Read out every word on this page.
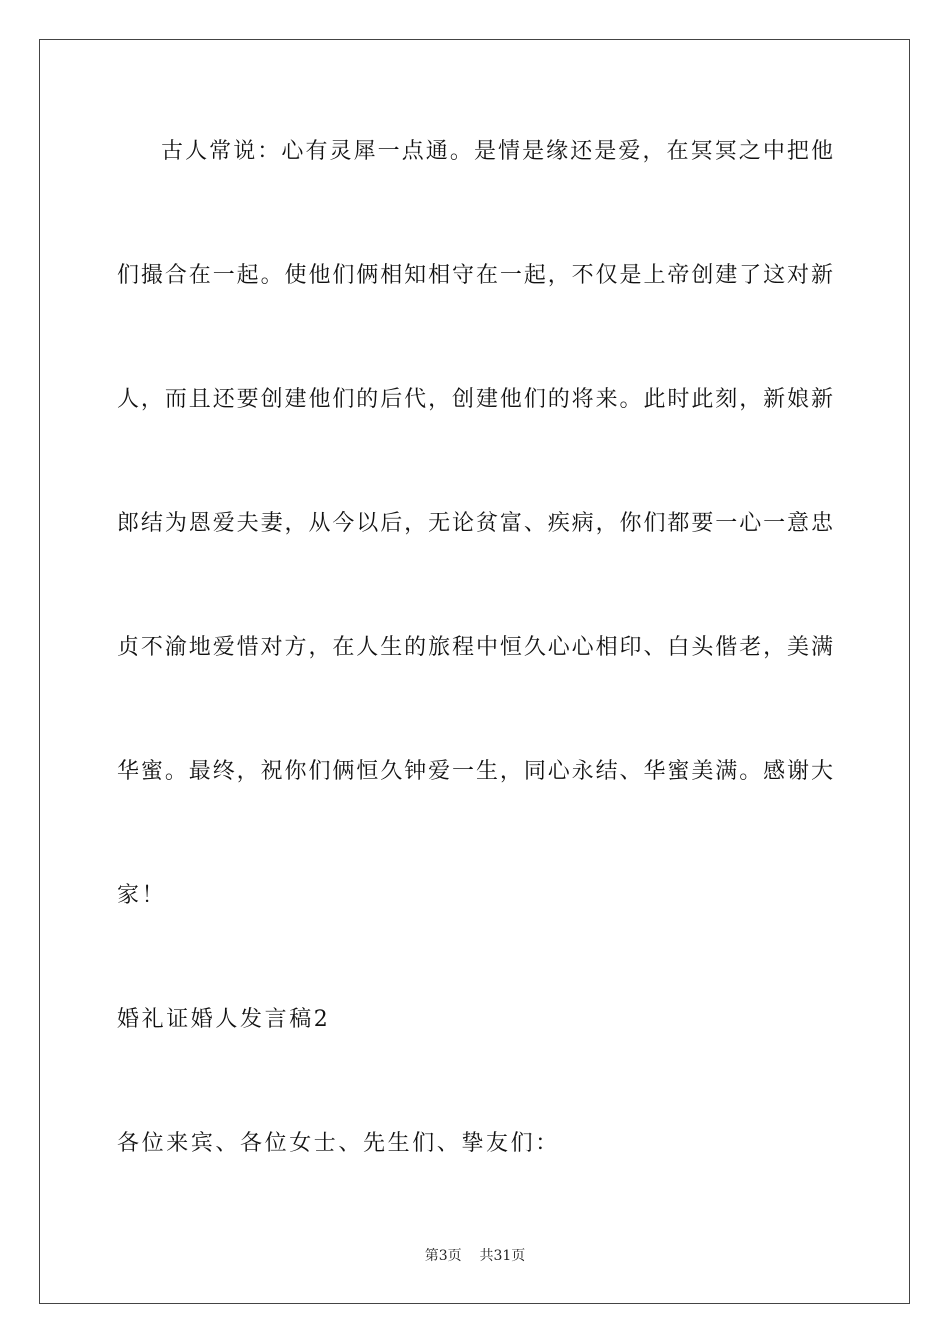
古人常说：心有灵犀一点通。是情是缘还是爱，在冥冥之中把他
们撮合在一起。使他们俩相知相守在一起，不仅是上帝创建了这对新
人，而且还要创建他们的后代，创建他们的将来。此时此刻，新娘新
郎结为恩爱夫妻，从今以后，无论贫富、疾病，你们都要一心一意忠
贞不渝地爱惜对方，在人生的旅程中恒久心心相印、白头偕老，美满
华蜜。最终，祝你们俩恒久钟爱一生，同心永结、华蜜美满。感谢大
家！
婚礼证婚人发言稿2
各位来宾、各位女士、先生们、挚友们：
第3页    共31页
